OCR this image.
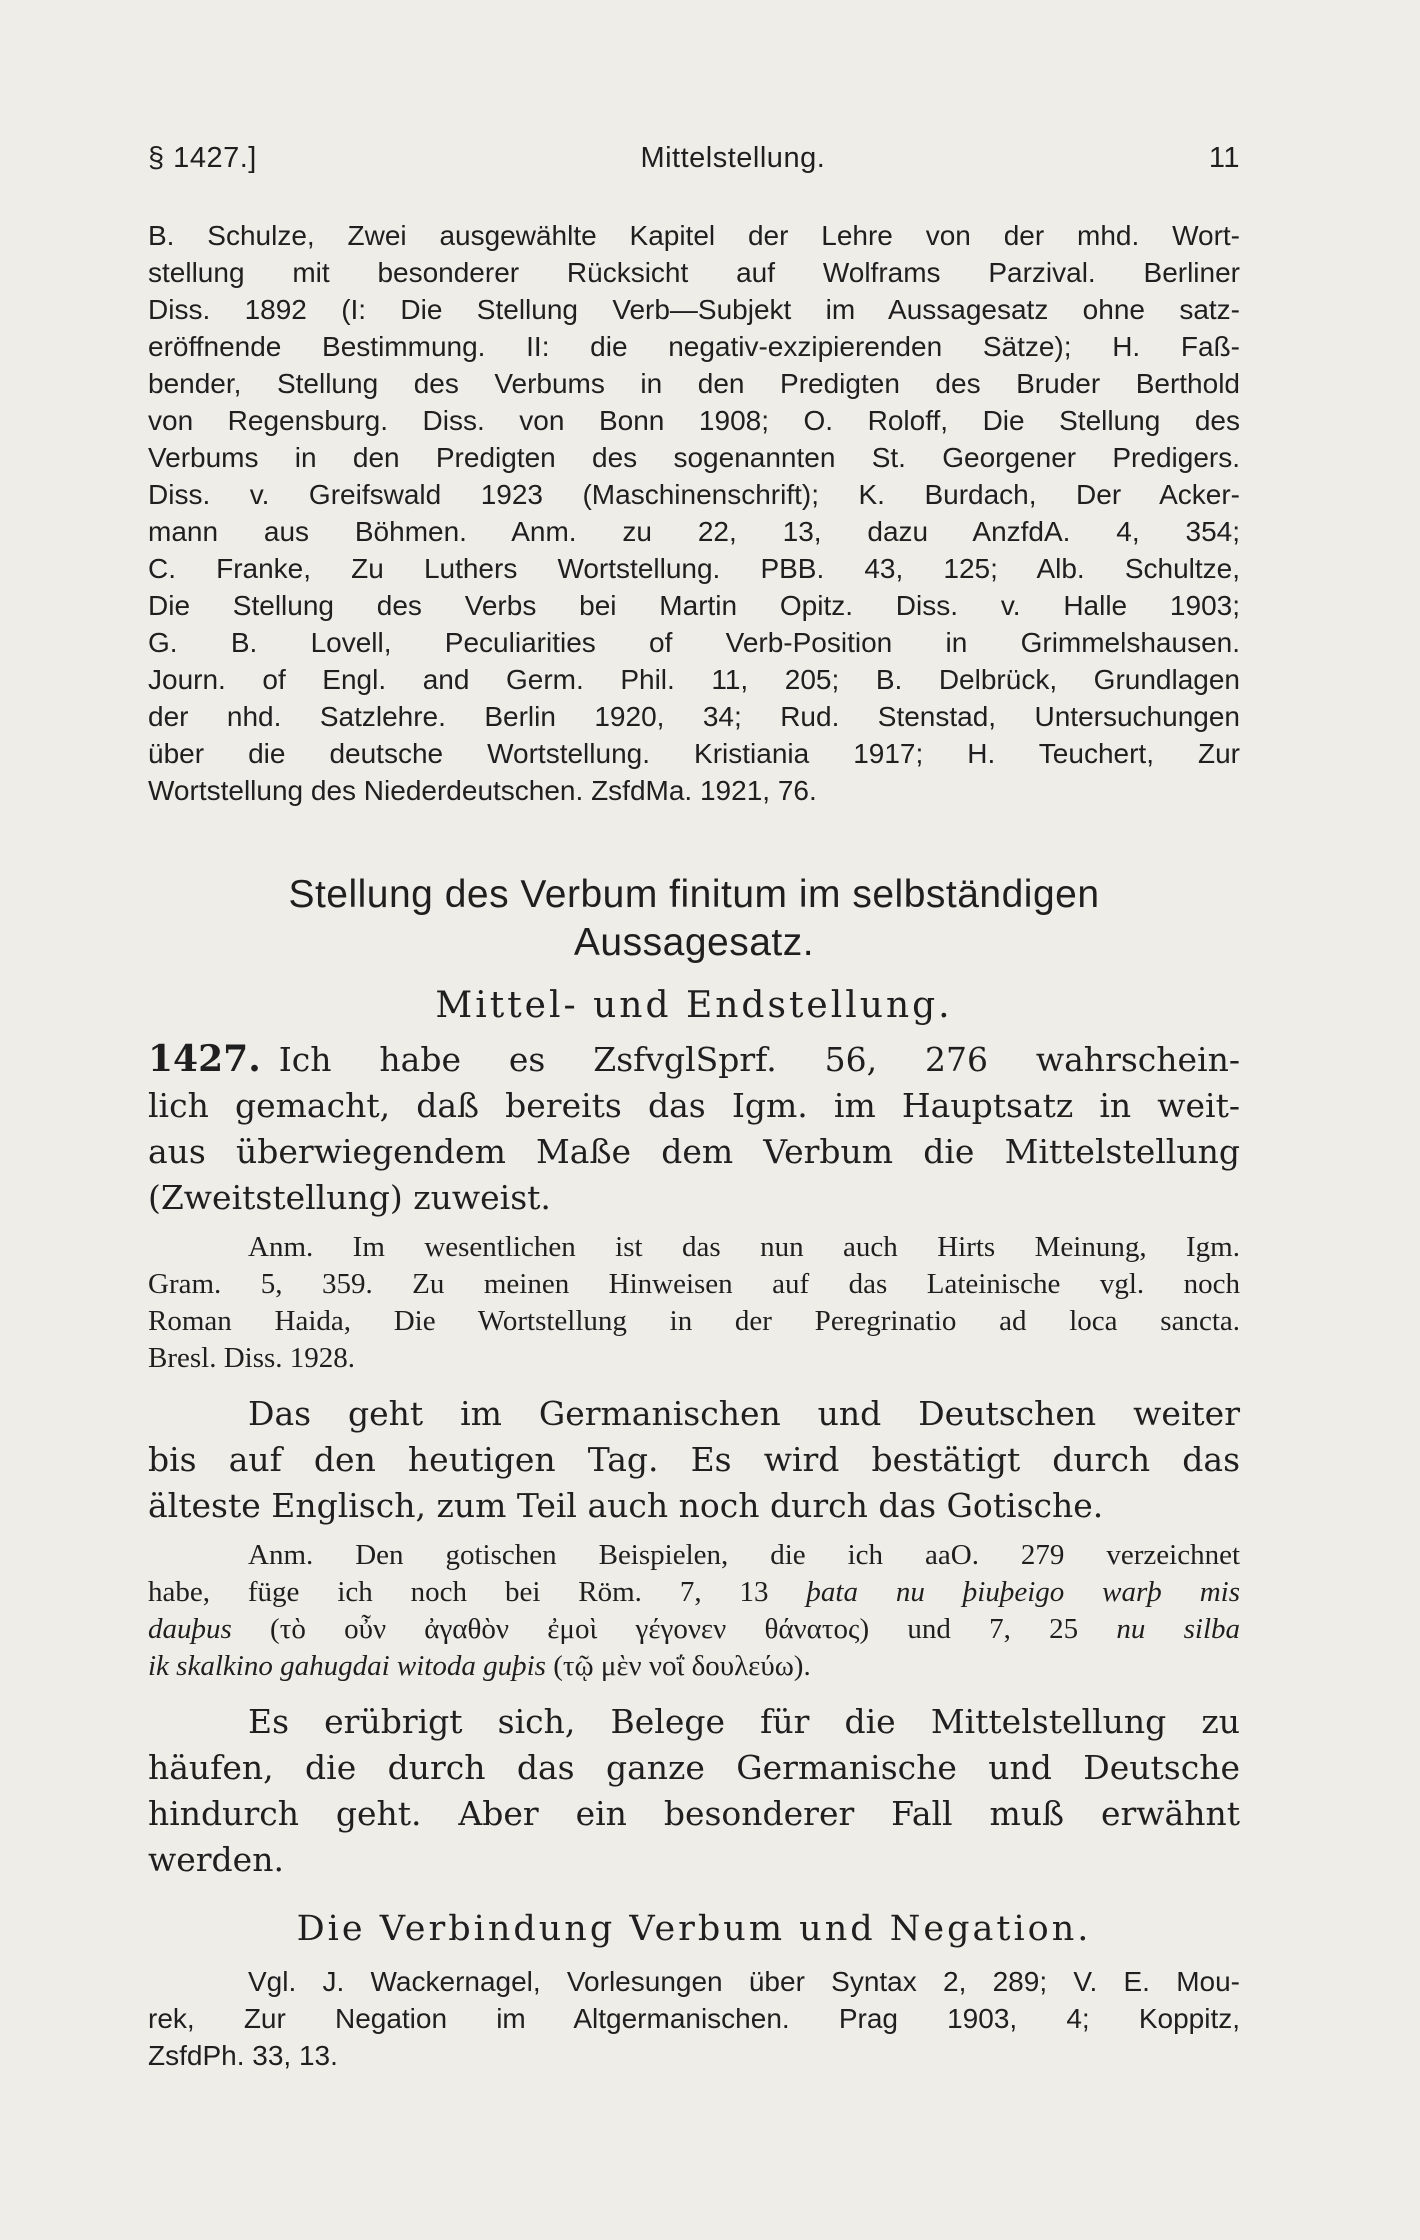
§ 1427.]	Mittelstellung.	11
B. Schulze, Zwei ausgewählte Kapitel der Lehre von der mhd. Wort-
stellung mit besonderer Rücksicht auf Wolframs Parzival. Berliner
Diss. 1892 (I: Die Stellung Verb—Subjekt im Aussagesatz ohne satz-
eröffnende Bestimmung. II: die negativ-exzipierenden Sätze); H. Faß-
bender, Stellung des Verbums in den Predigten des Bruder Berthold
von Regensburg. Diss. von Bonn 1908; O. Roloff, Die Stellung des
Verbums in den Predigten des sogenannten St. Georgener Predigers.
Diss. v. Greifswald 1923 (Maschinenschrift); K. Burdach, Der Acker-
mann aus Böhmen. Anm. zu 22, 13, dazu AnzfdA. 4, 354;
C. Franke, Zu Luthers Wortstellung. PBB. 43, 125; Alb. Schultze,
Die Stellung des Verbs bei Martin Opitz. Diss. v. Halle 1903;
G. B. Lovell, Peculiarities of Verb-Position in Grimmelshausen.
Journ. of Engl. and Germ. Phil. 11, 205; B. Delbrück, Grundlagen
der nhd. Satzlehre. Berlin 1920, 34; Rud. Stenstad, Untersuchungen
über die deutsche Wortstellung. Kristiania 1917; H. Teuchert, Zur
Wortstellung des Niederdeutschen. ZsfdMa. 1921, 76.
Stellung des Verbum finitum im selbständigen
Aussagesatz.
Mittel- und Endstellung.
1427. Ich habe es ZsfvglSprf. 56, 276 wahrschein-
lich gemacht, daß bereits das Igm. im Hauptsatz in weit-
aus überwiegendem Maße dem Verbum die Mittelstellung
(Zweitstellung) zuweist.
Anm. Im wesentlichen ist das nun auch Hirts Meinung, Igm.
Gram. 5, 359. Zu meinen Hinweisen auf das Lateinische vgl. noch
Roman Haida, Die Wortstellung in der Peregrinatio ad loca sancta.
Bresl. Diss. 1928.
Das geht im Germanischen und Deutschen weiter
bis auf den heutigen Tag. Es wird bestätigt durch das
älteste Englisch, zum Teil auch noch durch das Gotische.
Anm. Den gotischen Beispielen, die ich aaO. 279 verzeichnet
habe, füge ich noch bei Röm. 7, 13 þata nu þiuþeigo warþ mis
dauþus (τὸ οὖν ἀγαθὸν ἐμοὶ γέγονεν θάνατος) und 7, 25 nu silba
ik skalkino gahugdai witoda guþis (τῷ μὲν νοΐ δουλεύω).
Es erübrigt sich, Belege für die Mittelstellung zu
häufen, die durch das ganze Germanische und Deutsche
hindurch geht. Aber ein besonderer Fall muß erwähnt
werden.
Die Verbindung Verbum und Negation.
Vgl. J. Wackernagel, Vorlesungen über Syntax 2, 289; V. E. Mou-
rek, Zur Negation im Altgermanischen. Prag 1903, 4; Koppitz,
ZsfdPh. 33, 13.
